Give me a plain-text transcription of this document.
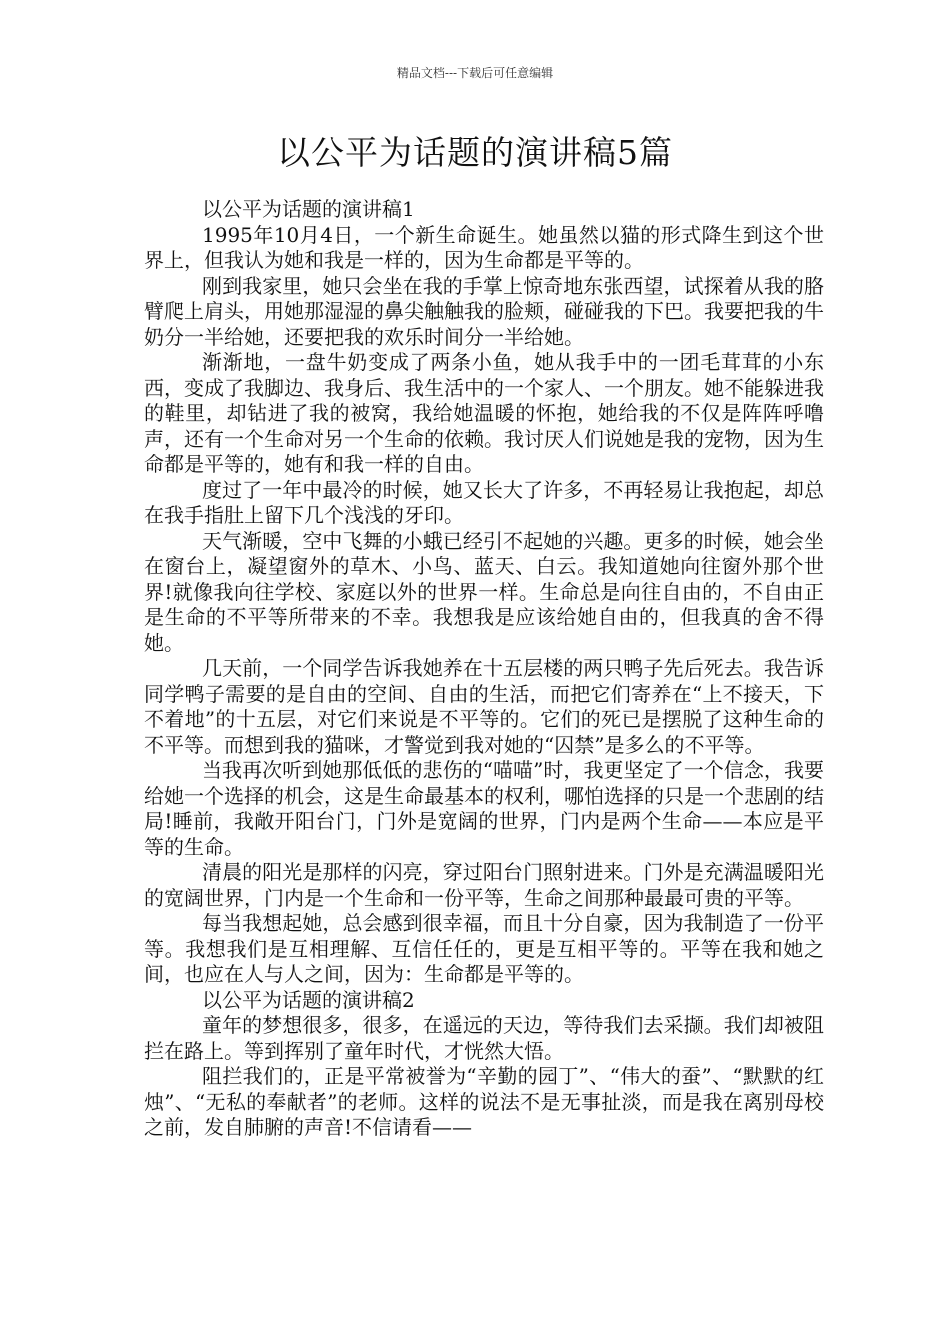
精品文档---下载后可任意编辑
以公平为话题的演讲稿5篇

以公平为话题的演讲稿1

1995年10月4日，一个新生命诞生。她虽然以猫的形式降生到这个世界上，但我认为她和我是一样的，因为生命都是平等的。

刚到我家里，她只会坐在我的手掌上惊奇地东张西望，试探着从我的胳臂爬上肩头，用她那湿湿的鼻尖触触我的脸颊，碰碰我的下巴。我要把我的牛奶分一半给她，还要把我的欢乐时间分一半给她。

渐渐地，一盘牛奶变成了两条小鱼，她从我手中的一团毛茸茸的小东西，变成了我脚边、我身后、我生活中的一个家人、一个朋友。她不能躲进我的鞋里，却钻进了我的被窝，我给她温暖的怀抱，她给我的不仅是阵阵呼噜声，还有一个生命对另一个生命的依赖。我讨厌人们说她是我的宠物，因为生命都是平等的，她有和我一样的自由。

度过了一年中最冷的时候，她又长大了许多，不再轻易让我抱起，却总在我手指肚上留下几个浅浅的牙印。

天气渐暖，空中飞舞的小蛾已经引不起她的兴趣。更多的时候，她会坐在窗台上，凝望窗外的草木、小鸟、蓝天、白云。我知道她向往窗外那个世界!就像我向往学校、家庭以外的世界一样。生命总是向往自由的，不自由正是生命的不平等所带来的不幸。我想我是应该给她自由的，但我真的舍不得她。

几天前，一个同学告诉我她养在十五层楼的两只鸭子先后死去。我告诉同学鸭子需要的是自由的空间、自由的生活，而把它们寄养在“上不接天，下不着地”的十五层，对它们来说是不平等的。它们的死已是摆脱了这种生命的不平等。而想到我的猫咪，才警觉到我对她的“囚禁”是多么的不平等。

当我再次听到她那低低的悲伤的“喵喵”时，我更坚定了一个信念，我要给她一个选择的机会，这是生命最基本的权利，哪怕选择的只是一个悲剧的结局!睡前，我敞开阳台门，门外是宽阔的世界，门内是两个生命——本应是平等的生命。

清晨的阳光是那样的闪亮，穿过阳台门照射进来。门外是充满温暖阳光的宽阔世界，门内是一个生命和一份平等，生命之间那种最最可贵的平等。

每当我想起她，总会感到很幸福，而且十分自豪，因为我制造了一份平等。我想我们是互相理解、互信任任的，更是互相平等的。平等在我和她之间，也应在人与人之间，因为：生命都是平等的。

以公平为话题的演讲稿2

童年的梦想很多，很多，在遥远的天边，等待我们去采撷。我们却被阻拦在路上。等到挥别了童年时代，才恍然大悟。

阻拦我们的，正是平常被誉为“辛勤的园丁”、“伟大的蚕”、“默默的红烛”、“无私的奉献者”的老师。这样的说法不是无事扯淡，而是我在离别母校之前，发自肺腑的声音!不信请看——
